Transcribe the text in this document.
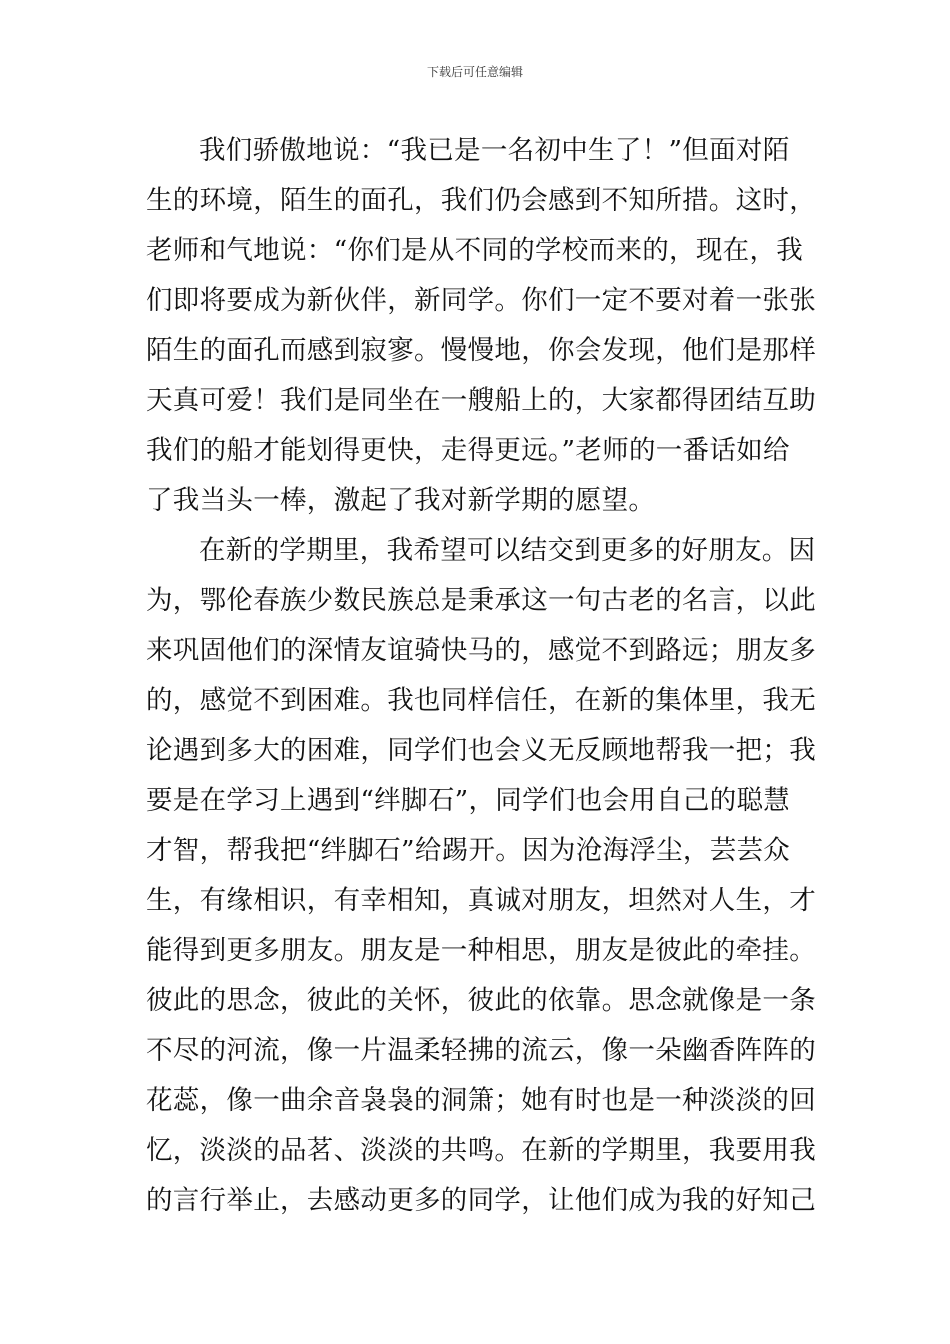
下载后可任意编辑
我们骄傲地说：“我已是一名初中生了！”但面对陌
生的环境，陌生的面孔，我们仍会感到不知所措。这时，
老师和气地说：“你们是从不同的学校而来的，现在，我
们即将要成为新伙伴，新同学。你们一定不要对着一张张
陌生的面孔而感到寂寥。慢慢地，你会发现，他们是那样
天真可爱！我们是同坐在一艘船上的，大家都得团结互助
我们的船才能划得更快，走得更远。”老师的一番话如给
了我当头一棒，激起了我对新学期的愿望。
在新的学期里，我希望可以结交到更多的好朋友。因
为，鄂伦春族少数民族总是秉承这一句古老的名言，以此
来巩固他们的深情友谊骑快马的，感觉不到路远；朋友多
的，感觉不到困难。我也同样信任，在新的集体里，我无
论遇到多大的困难，同学们也会义无反顾地帮我一把；我
要是在学习上遇到“绊脚石”，同学们也会用自己的聪慧
才智，帮我把“绊脚石”给踢开。因为沧海浮尘，芸芸众
生，有缘相识，有幸相知，真诚对朋友，坦然对人生，才
能得到更多朋友。朋友是一种相思，朋友是彼此的牵挂。
彼此的思念，彼此的关怀，彼此的依靠。思念就像是一条
不尽的河流，像一片温柔轻拂的流云，像一朵幽香阵阵的
花蕊，像一曲余音袅袅的洞箫；她有时也是一种淡淡的回
忆，淡淡的品茗、淡淡的共鸣。在新的学期里，我要用我
的言行举止，去感动更多的同学，让他们成为我的好知己
